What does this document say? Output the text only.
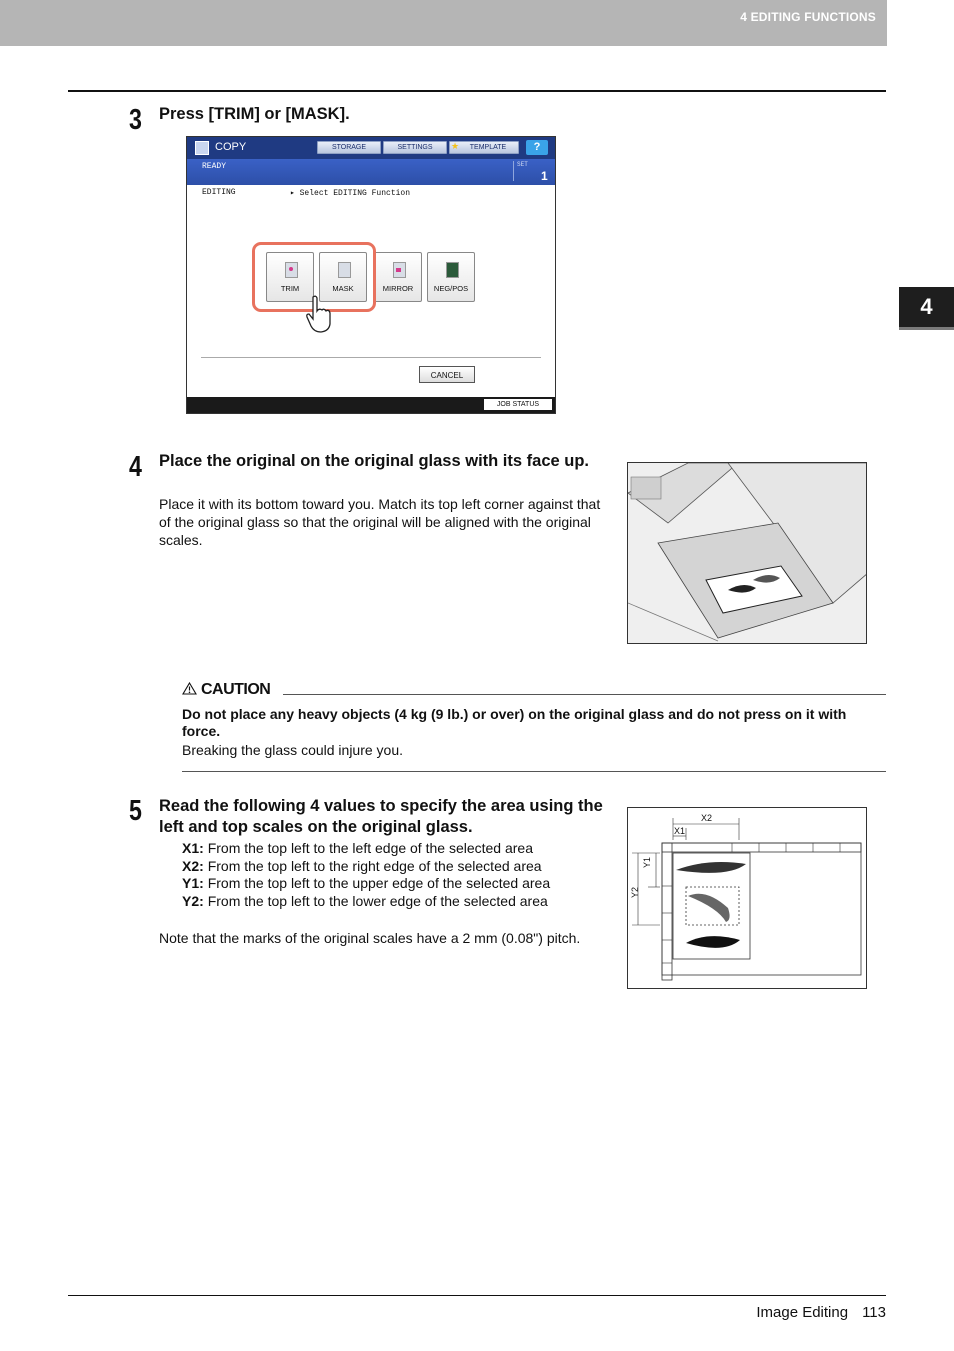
4 EDITING FUNCTIONS
4
3 Press [TRIM] or [MASK].
COPY	STORAGE	SETTINGS	★	TEMPLATE	?
READY	SET
1
EDITING	▸ Select EDITING Function
TRIM	MASK	MIRROR	NEG/POS
CANCEL
JOB STATUS
4 Place the original on the original glass with its face up.
Place it with its bottom toward you. Match its top left corner against that of the original glass so that the original will be aligned with the original scales.
CAUTION
Do not place any heavy objects (4 kg (9 lb.) or over) on the original glass and do not press on it with force.
Breaking the glass could injure you.
5 Read the following 4 values to specify the area using the left and top scales on the original glass.
X1: From the top left to the left edge of the selected area
X2: From the top left to the right edge of the selected area
Y1: From the top left to the upper edge of the selected area
Y2: From the top left to the lower edge of the selected area
Note that the marks of the original scales have a 2 mm (0.08") pitch.
X2
X1
Y1
Y2
Image Editing 113
